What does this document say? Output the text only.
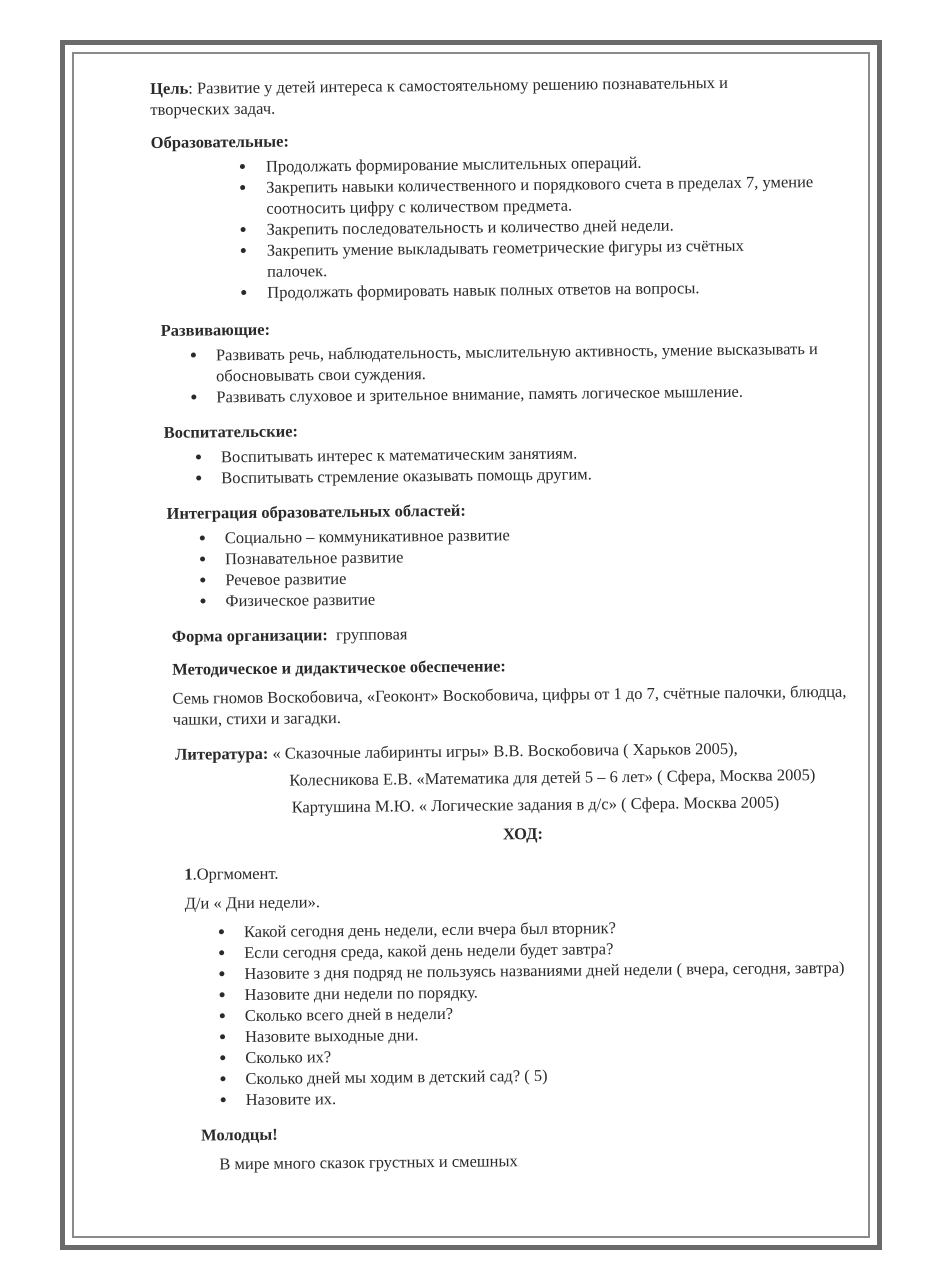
Цель: Развитие у детей интереса к самостоятельному решению познавательных и творческих задач.

Образовательные:

Продолжать формирование мыслительных операций.
Закрепить навыки количественного и порядкового счета в пределах 7, умение соотносить цифру с количеством предмета.
Закрепить последовательность и количество дней недели.
Закрепить умение выкладывать геометрические фигуры из счётных палочек.
Продолжать формировать навык полных ответов на вопросы.

Развивающие:

Развивать речь, наблюдательность, мыслительную активность, умение высказывать и обосновывать свои суждения.
Развивать слуховое и зрительное внимание, память логическое мышление.

Воспитательские:

Воспитывать интерес к математическим занятиям.
Воспитывать стремление оказывать помощь другим.

Интеграция образовательных областей:

Социально – коммуникативное развитие
Познавательное развитие
Речевое развитие
Физическое развитие

Форма организации: групповая

Методическое и дидактическое обеспечение:

Семь гномов Воскобовича, «Геоконт» Воскобовича, цифры от 1 до 7, счётные палочки, блюдца, чашки, стихи и загадки.

Литература: « Сказочные лабиринты игры» В.В. Воскобовича ( Харьков 2005),

Колесникова Е.В. «Математика для детей 5 – 6 лет» ( Сфера, Москва 2005)

Картушина М.Ю. « Логические задания в д/с» ( Сфера. Москва 2005)

ХОД:

1.Оргмомент.

Д/и « Дни недели».

Какой сегодня день недели, если вчера был вторник?
Если сегодня среда, какой день недели будет завтра?
Назовите з дня подряд не пользуясь названиями дней недели ( вчера, сегодня, завтра)
Назовите дни недели по порядку.
Сколько всего дней в недели?
Назовите выходные дни.
Сколько их?
Сколько дней мы ходим в детский сад? ( 5)
Назовите их.

Молодцы!

В мире много сказок грустных и смешных
